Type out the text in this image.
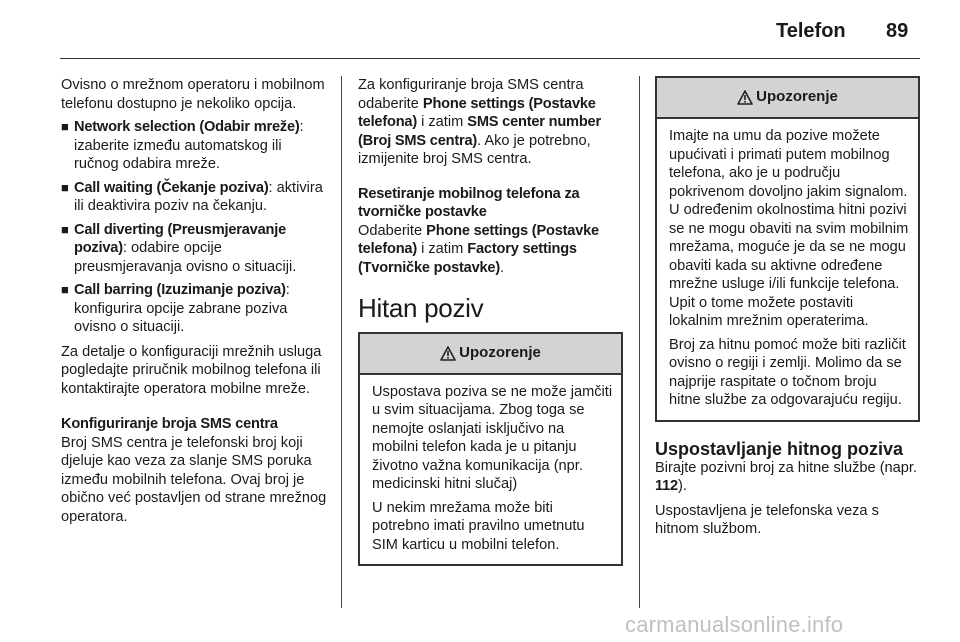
Telefon 89

Ovisno o mrežnom operatoru i mobilnom telefonu dostupno je nekoliko opcija.

■ Network selection (Odabir mreže): izaberite između automatskog ili ručnog odabira mreže.
■ Call waiting (Čekanje poziva): aktivira ili deaktivira poziv na čekanju.
■ Call diverting (Preusmjeravanje poziva): odabire opcije preusmjeravanja ovisno o situaciji.
■ Call barring (Izuzimanje poziva): konfigurira opcije zabrane poziva ovisno o situaciji.

Za detalje o konfiguraciji mrežnih usluga pogledajte priručnik mobilnog telefona ili kontaktirajte operatora mobilne mreže.

Konfiguriranje broja SMS centra

Broj SMS centra je telefonski broj koji djeluje kao veza za slanje SMS poruka između mobilnih telefona. Ovaj broj je obično već postavljen od strane mrežnog operatora.

Za konfiguriranje broja SMS centra odaberite Phone settings (Postavke telefona) i zatim SMS center number (Broj SMS centra). Ako je potrebno, izmijenite broj SMS centra.

Resetiranje mobilnog telefona za tvorničke postavke

Odaberite Phone settings (Postavke telefona) i zatim Factory settings (Tvorničke postavke).

Hitan poziv
Upozorenje

Uspostava poziva se ne može jamčiti u svim situacijama. Zbog toga se nemojte oslanjati isključivo na mobilni telefon kada je u pitanju životno važna komunikacija (npr. medicinski hitni slučaj)

U nekim mrežama može biti potrebno imati pravilno umetnutu SIM karticu u mobilni telefon.

Upozorenje

Imajte na umu da pozive možete upućivati i primati putem mobilnog telefona, ako je u području pokrivenom dovoljno jakim signalom. U određenim okolnostima hitni pozivi se ne mogu obaviti na svim mobilnim mrežama, moguće je da se ne mogu obaviti kada su aktivne određene mrežne usluge i/ili funkcije telefona. Upit o tome možete postaviti lokalnim mrežnim operaterima.

Broj za hitnu pomoć može biti različit ovisno o regiji i zemlji. Molimo da se najprije raspitate o točnom broju hitne službe za odgovarajuću regiju.

Uspostavljanje hitnog poziva

Birajte pozivni broj za hitne službe (napr. 112).

Uspostavljena je telefonska veza s hitnom službom.

carmanualsonline.info
